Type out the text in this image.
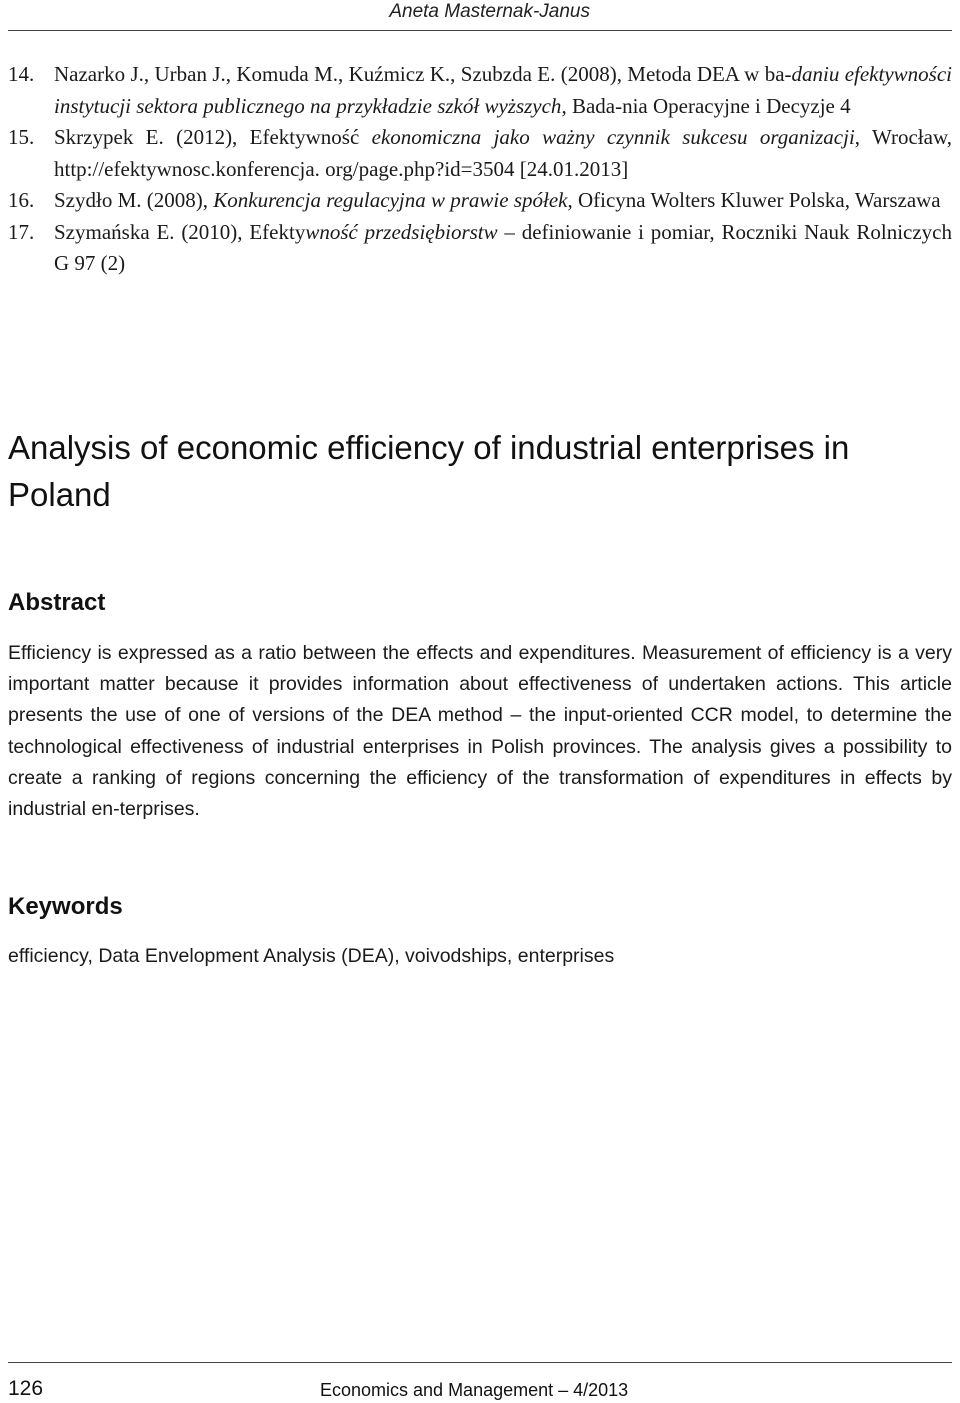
Aneta Masternak-Janus
14. Nazarko J., Urban J., Komuda M., Kuźmicz K., Szubzda E. (2008), Metoda DEA w ba-daniu efektywności instytucji sektora publicznego na przykładzie szkół wyższych, Bada-nia Operacyjne i Decyzje 4
15. Skrzypek E. (2012), Efektywność ekonomiczna jako ważny czynnik sukcesu organizacji, Wrocław, http://efektywnosc.konferencja. org/page.php?id=3504 [24.01.2013]
16. Szydło M. (2008), Konkurencja regulacyjna w prawie spółek, Oficyna Wolters Kluwer Polska, Warszawa
17. Szymańska E. (2010), Efektywność przedsiębiorstw – definiowanie i pomiar, Roczniki Nauk Rolniczych G 97 (2)
Analysis of economic efficiency of industrial enterprises in Poland
Abstract

Efficiency is expressed as a ratio between the effects and expenditures. Measurement of efficiency is a very important matter because it provides information about effectiveness of undertaken actions. This article presents the use of one of versions of the DEA method – the input-oriented CCR model, to determine the technological effectiveness of industrial enterprises in Polish provinces. The analysis gives a possibility to create a ranking of regions concerning the efficiency of the transformation of expenditures in effects by industrial en-terprises.

Keywords

efficiency, Data Envelopment Analysis (DEA), voivodships, enterprises

126	Economics and Management – 4/2013
